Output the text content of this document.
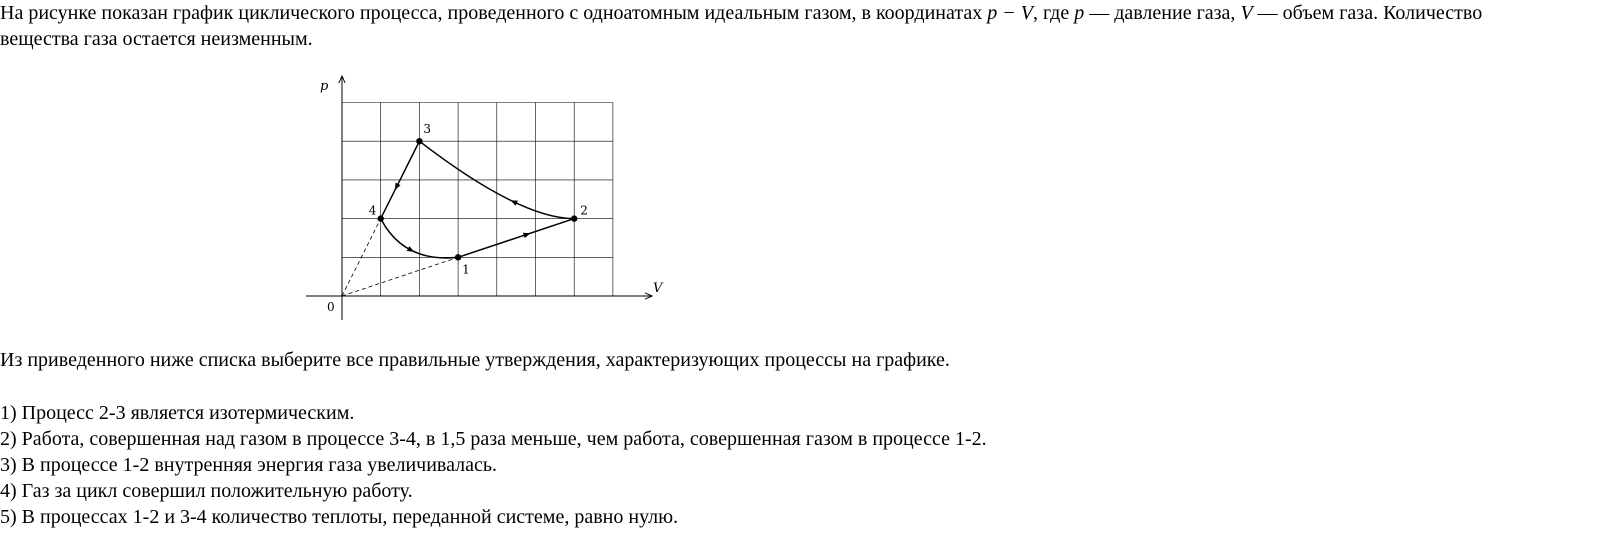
На рисунке показан график циклического процесса, проведенного с одноатомным идеальным газом, в координатах p − V, где p — давление газа, V — объем газа. Количество вещества газа остается неизменным.

1
2
3
4
p
V
0

Из приведенного ниже списка выберите все правильные утверждения, характеризующих процессы на графике.

1) Процесс 2-3 является изотермическим.
2) Работа, совершенная над газом в процессе 3-4, в 1,5 раза меньше, чем работа, совершенная газом в процессе 1-2.
3) В процессе 1-2 внутренняя энергия газа увеличивалась.
4) Газ за цикл совершил положительную работу.
5) В процессах 1-2 и 3-4 количество теплоты, переданной системе, равно нулю.
